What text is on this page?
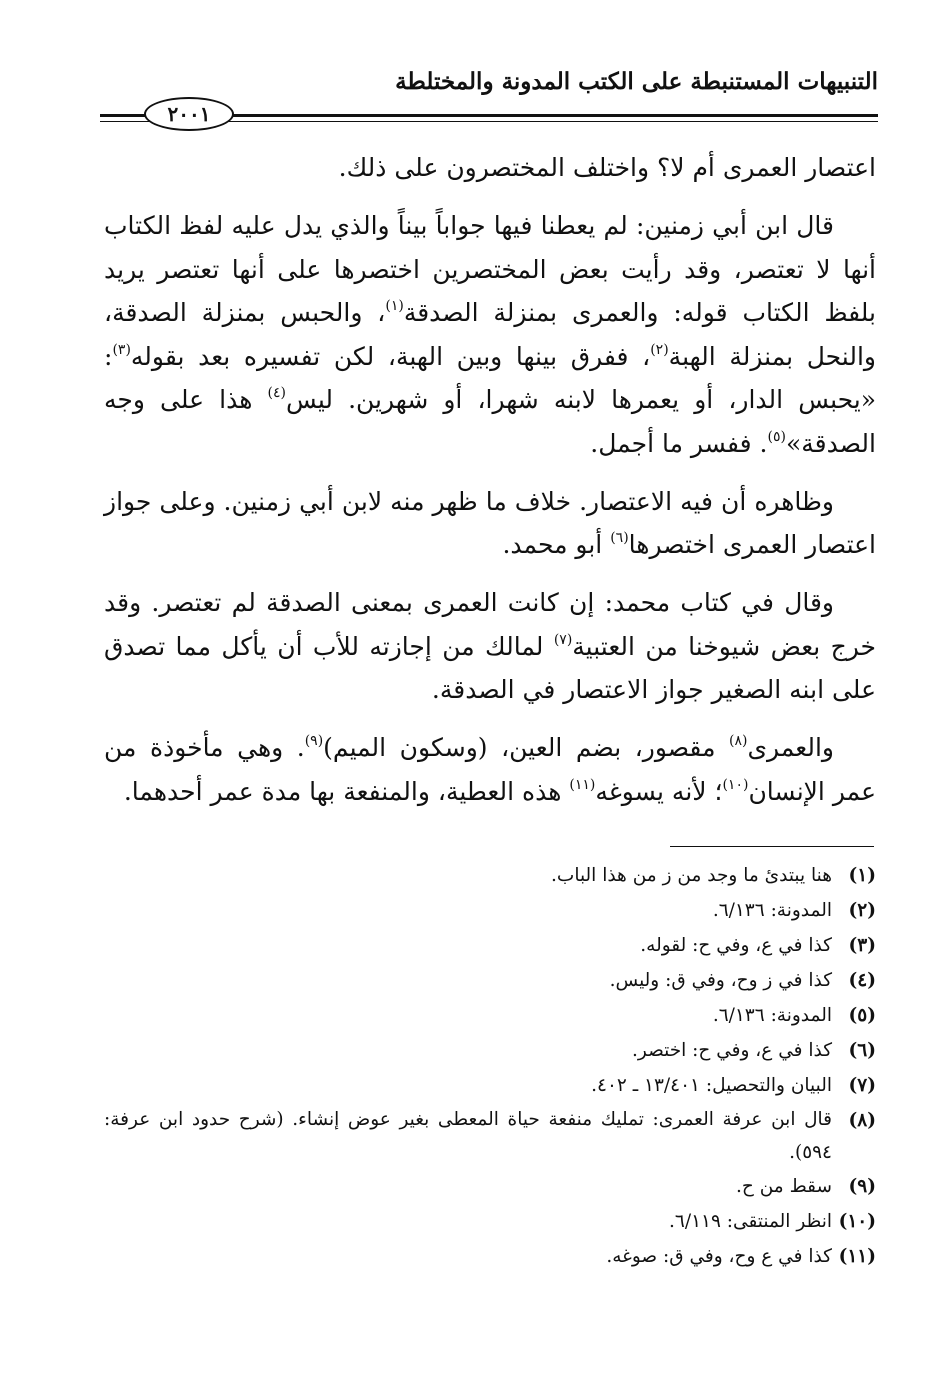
التنبيهات المستنبطة على الكتب المدونة والمختلطة
٢٠٠١

اعتصار العمرى أم لا؟ واختلف المختصرون على ذلك.

قال ابن أبي زمنين: لم يعطنا فيها جواباً بيناً والذي يدل عليه لفظ الكتاب أنها لا تعتصر، وقد رأيت بعض المختصرين اختصرها على أنها تعتصر يريد بلفظ الكتاب قوله: والعمرى بمنزلة الصدقة$^{(١)}$، والحبس بمنزلة الصدقة، والنحل بمنزلة الهبة$^{(٢)}$، ففرق بينها وبين الهبة، لكن تفسيره بعد بقوله$^{(٣)}$: «يحبس الدار، أو يعمرها لابنه شهرا، أو شهرين. ليس$^{(٤)}$ هذا على وجه الصدقة»$^{(٥)}$. ففسر ما أجمل.

وظاهره أن فيه الاعتصار. خلاف ما ظهر منه لابن أبي زمنين. وعلى جواز اعتصار العمرى اختصرها$^{(٦)}$ أبو محمد.

وقال في كتاب محمد: إن كانت العمرى بمعنى الصدقة لم تعتصر. وقد خرج بعض شيوخنا من العتبية$^{(٧)}$ لمالك من إجازته للأب أن يأكل مما تصدق على ابنه الصغير جواز الاعتصار في الصدقة.

والعمرى$^{(٨)}$ مقصور، بضم العين، (وسكون الميم)$^{(٩)}$. وهي مأخوذة من عمر الإنسان$^{(١٠)}$؛ لأنه يسوغه$^{(١١)}$ هذه العطية، والمنفعة بها مدة عمر أحدهما.

(١)
هنا يبتدئ ما وجد من ز من هذا الباب.
(٢)
المدونة: ٦/١٣٦.
(٣)
كذا في ع، وفي ح: لقوله.
(٤)
كذا في ز وح، وفي ق: وليس.
(٥)
المدونة: ٦/١٣٦.
(٦)
كذا في ع، وفي ح: اختصر.
(٧)
البيان والتحصيل: ١٣/٤٠١ ـ ٤٠٢.
(٨)
قال ابن عرفة العمرى: تمليك منفعة حياة المعطى بغير عوض إنشاء. (شرح حدود ابن عرفة: ٥٩٤).
(٩)
سقط من ح.
(١٠)
انظر المنتقى: ٦/١١٩.
(١١)
كذا في ع وح، وفي ق: صوغه.
